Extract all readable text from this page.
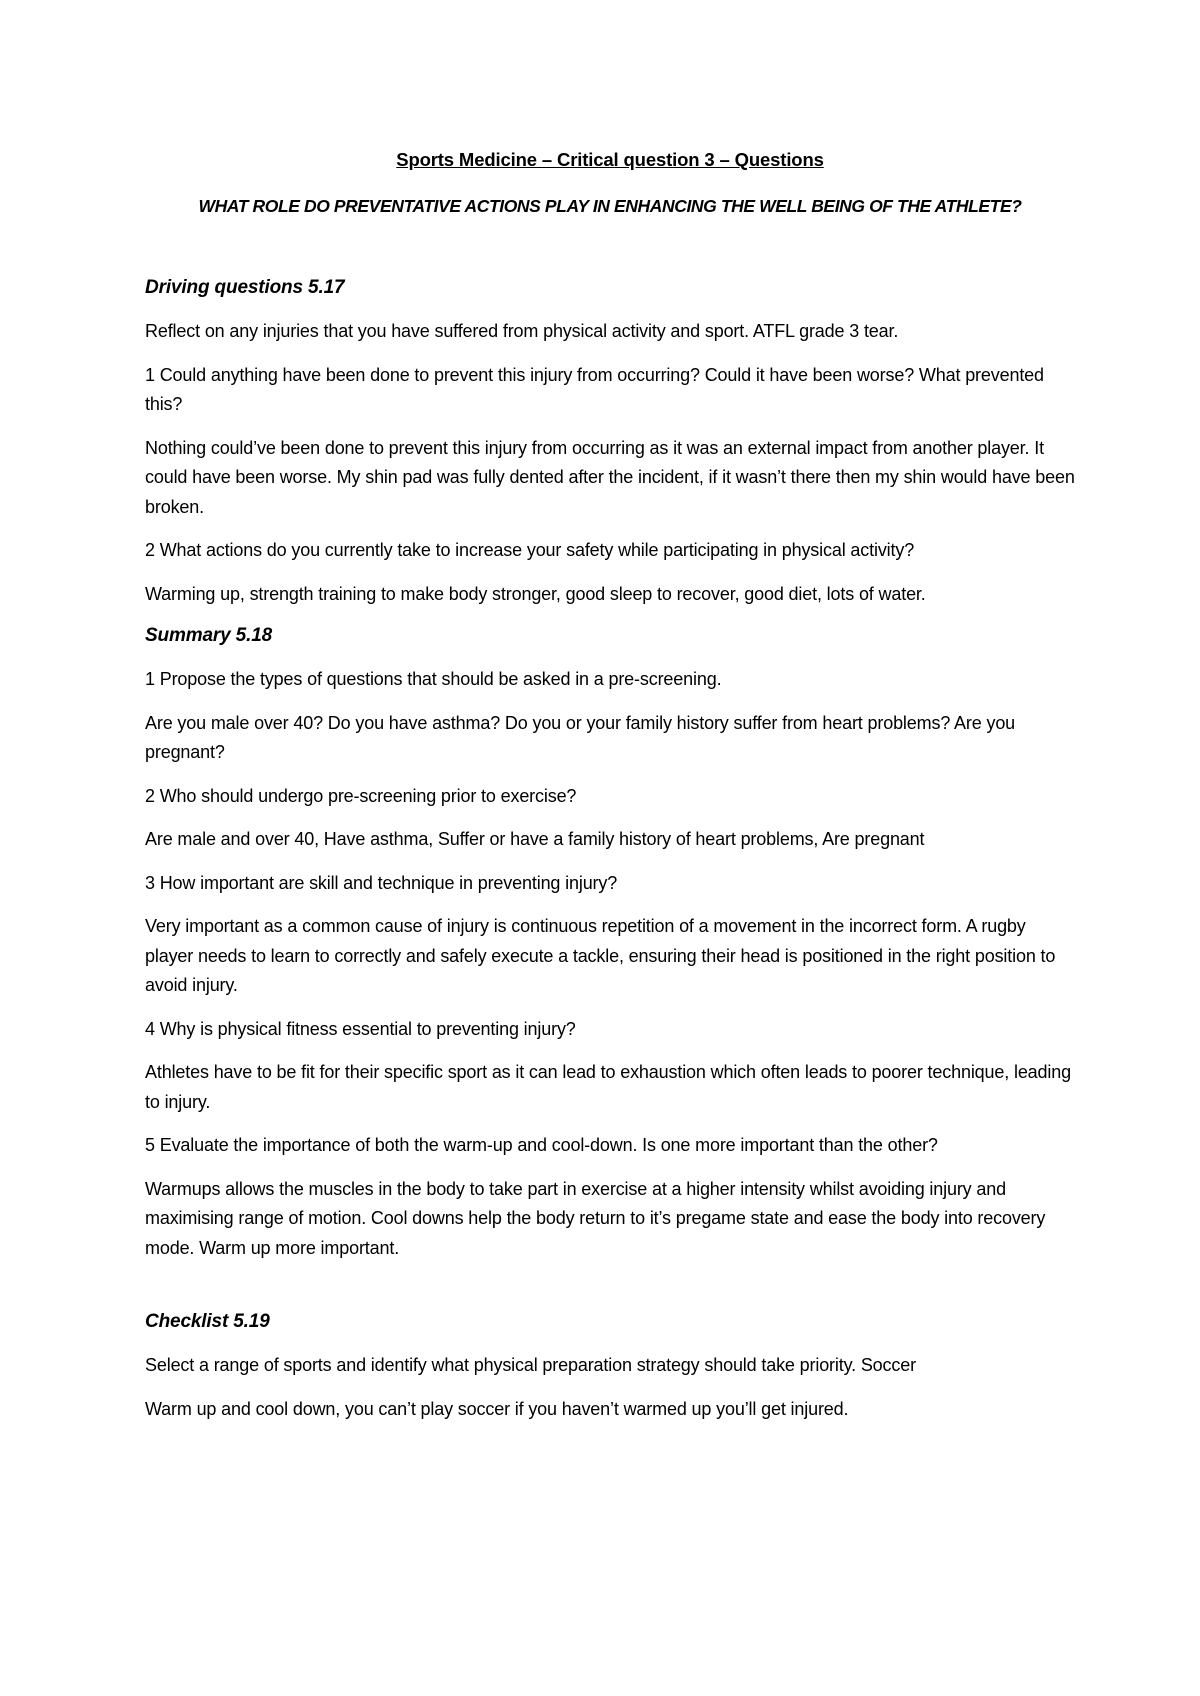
Sports Medicine – Critical question 3 – Questions

WHAT ROLE DO PREVENTATIVE ACTIONS PLAY IN ENHANCING THE WELL BEING OF THE ATHLETE?

Driving questions 5.17

Reflect on any injuries that you have suffered from physical activity and sport. ATFL grade 3 tear.

1 Could anything have been done to prevent this injury from occurring? Could it have been worse? What prevented this?

Nothing could’ve been done to prevent this injury from occurring as it was an external impact from another player. It could have been worse. My shin pad was fully dented after the incident, if it wasn’t there then my shin would have been broken.

2 What actions do you currently take to increase your safety while participating in physical activity?

Warming up, strength training to make body stronger, good sleep to recover, good diet, lots of water.

Summary 5.18

1 Propose the types of questions that should be asked in a pre-screening.

Are you male over 40? Do you have asthma? Do you or your family history suffer from heart problems? Are you pregnant?

2 Who should undergo pre-screening prior to exercise?

Are male and over 40, Have asthma, Suffer or have a family history of heart problems, Are pregnant

3 How important are skill and technique in preventing injury?

Very important as a common cause of injury is continuous repetition of a movement in the incorrect form. A rugby player needs to learn to correctly and safely execute a tackle, ensuring their head is positioned in the right position to avoid injury.

4 Why is physical fitness essential to preventing injury?

Athletes have to be fit for their specific sport as it can lead to exhaustion which often leads to poorer technique, leading to injury.

5 Evaluate the importance of both the warm-up and cool-down. Is one more important than the other?

Warmups allows the muscles in the body to take part in exercise at a higher intensity whilst avoiding injury and maximising range of motion. Cool downs help the body return to it’s pregame state and ease the body into recovery mode. Warm up more important.

Checklist 5.19

Select a range of sports and identify what physical preparation strategy should take priority. Soccer

Warm up and cool down, you can’t play soccer if you haven’t warmed up you’ll get injured.
